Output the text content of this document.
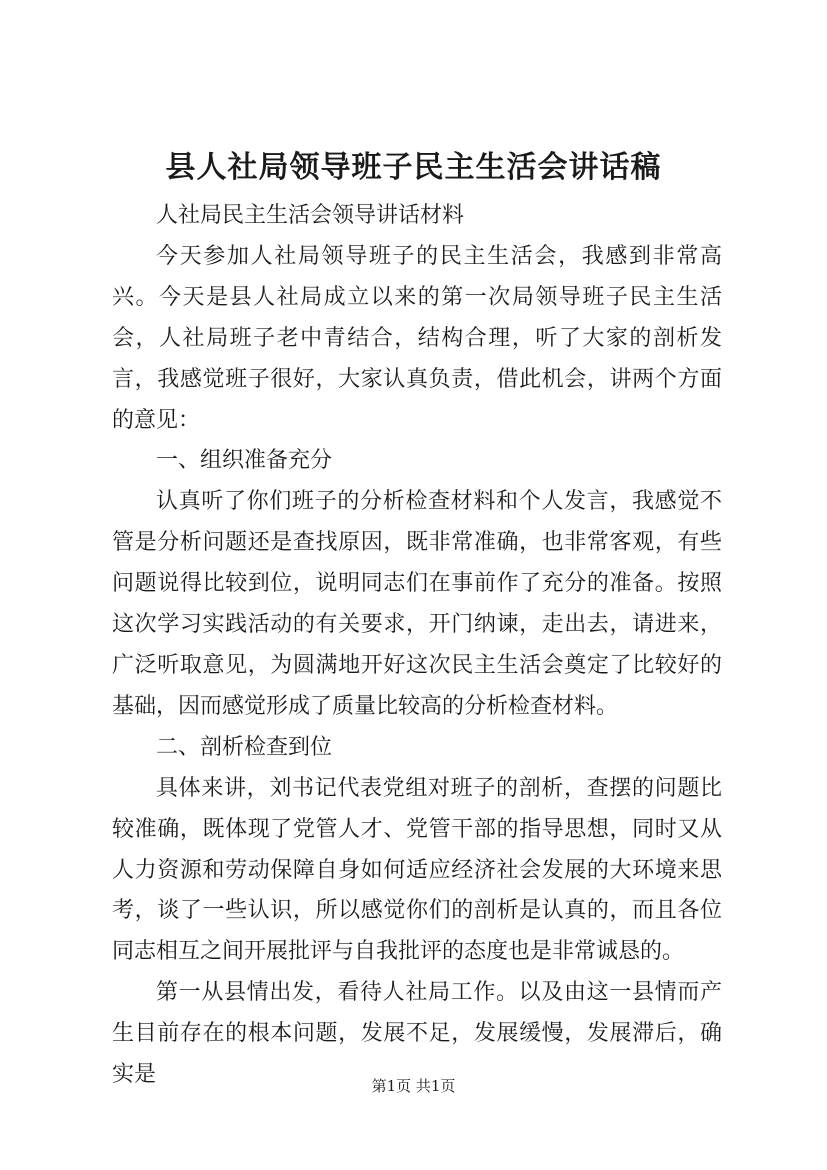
县人社局领导班子民主生活会讲话稿

人社局民主生活会领导讲话材料

今天参加人社局领导班子的民主生活会，我感到非常高兴。今天是县人社局成立以来的第一次局领导班子民主生活会，人社局班子老中青结合，结构合理，听了大家的剖析发言，我感觉班子很好，大家认真负责，借此机会，讲两个方面的意见：

一、组织准备充分

认真听了你们班子的分析检查材料和个人发言，我感觉不管是分析问题还是查找原因，既非常准确，也非常客观，有些问题说得比较到位，说明同志们在事前作了充分的准备。按照这次学习实践活动的有关要求，开门纳谏，走出去，请进来，广泛听取意见，为圆满地开好这次民主生活会奠定了比较好的基础，因而感觉形成了质量比较高的分析检查材料。

二、剖析检查到位

具体来讲，刘书记代表党组对班子的剖析，查摆的问题比较准确，既体现了党管人才、党管干部的指导思想，同时又从人力资源和劳动保障自身如何适应经济社会发展的大环境来思考，谈了一些认识，所以感觉你们的剖析是认真的，而且各位同志相互之间开展批评与自我批评的态度也是非常诚恳的。

第一从县情出发，看待人社局工作。以及由这一县情而产生目前存在的根本问题，发展不足，发展缓慢，发展滞后，确实是	第1页 共1页
